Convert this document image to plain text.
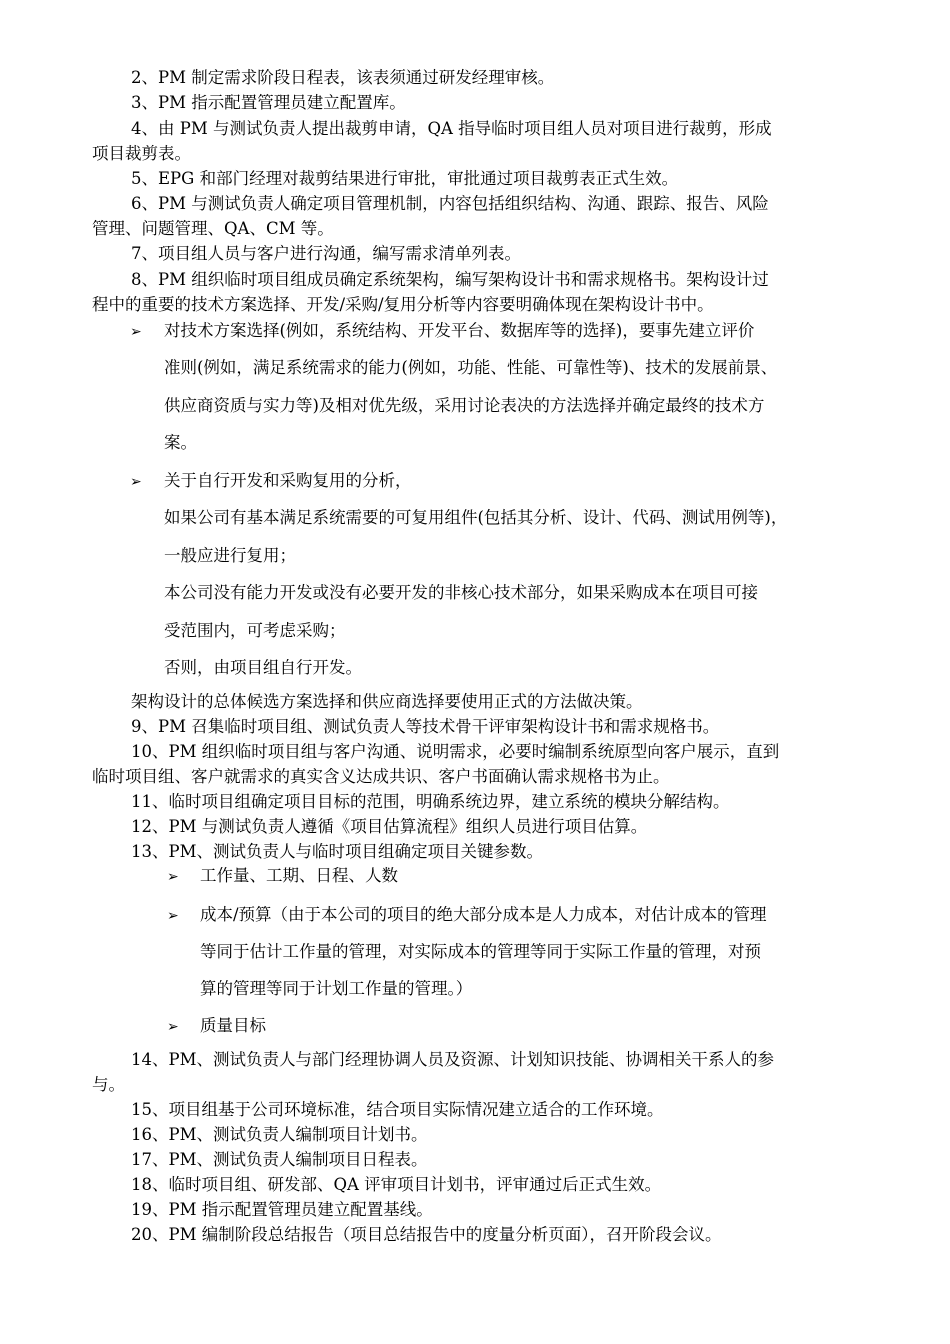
2、PM 制定需求阶段日程表，该表须通过研发经理审核。
3、PM 指示配置管理员建立配置库。
4、由 PM 与测试负责人提出裁剪申请，QA 指导临时项目组人员对项目进行裁剪，形成
项目裁剪表。
5、EPG 和部门经理对裁剪结果进行审批，审批通过项目裁剪表正式生效。
6、PM 与测试负责人确定项目管理机制，内容包括组织结构、沟通、跟踪、报告、风险
管理、问题管理、QA、CM 等。
7、项目组人员与客户进行沟通，编写需求清单列表。
8、PM 组织临时项目组成员确定系统架构，编写架构设计书和需求规格书。架构设计过
程中的重要的技术方案选择、开发/采购/复用分析等内容要明确体现在架构设计书中。
➢ 对技术方案选择(例如，系统结构、开发平台、数据库等的选择)，要事先建立评价
准则(例如，满足系统需求的能力(例如，功能、性能、可靠性等)、技术的发展前景、
供应商资质与实力等)及相对优先级，采用讨论表决的方法选择并确定最终的技术方
案。
➢ 关于自行开发和采购复用的分析，
如果公司有基本满足系统需要的可复用组件(包括其分析、设计、代码、测试用例等)，
一般应进行复用；
本公司没有能力开发或没有必要开发的非核心技术部分，如果采购成本在项目可接
受范围内，可考虑采购；
否则，由项目组自行开发。
架构设计的总体候选方案选择和供应商选择要使用正式的方法做决策。
9、PM 召集临时项目组、测试负责人等技术骨干评审架构设计书和需求规格书。
10、PM 组织临时项目组与客户沟通、说明需求，必要时编制系统原型向客户展示，直到
临时项目组、客户就需求的真实含义达成共识、客户书面确认需求规格书为止。
11、临时项目组确定项目目标的范围，明确系统边界，建立系统的模块分解结构。
12、PM 与测试负责人遵循《项目估算流程》组织人员进行项目估算。
13、PM、测试负责人与临时项目组确定项目关键参数。
➢ 工作量、工期、日程、人数
➢ 成本/预算（由于本公司的项目的绝大部分成本是人力成本，对估计成本的管理
等同于估计工作量的管理，对实际成本的管理等同于实际工作量的管理，对预
算的管理等同于计划工作量的管理。）
➢ 质量目标
14、PM、测试负责人与部门经理协调人员及资源、计划知识技能、协调相关干系人的参
与。
15、项目组基于公司环境标准，结合项目实际情况建立适合的工作环境。
16、PM、测试负责人编制项目计划书。
17、PM、测试负责人编制项目日程表。
18、临时项目组、研发部、QA 评审项目计划书，评审通过后正式生效。
19、PM 指示配置管理员建立配置基线。
20、PM 编制阶段总结报告（项目总结报告中的度量分析页面），召开阶段会议。
